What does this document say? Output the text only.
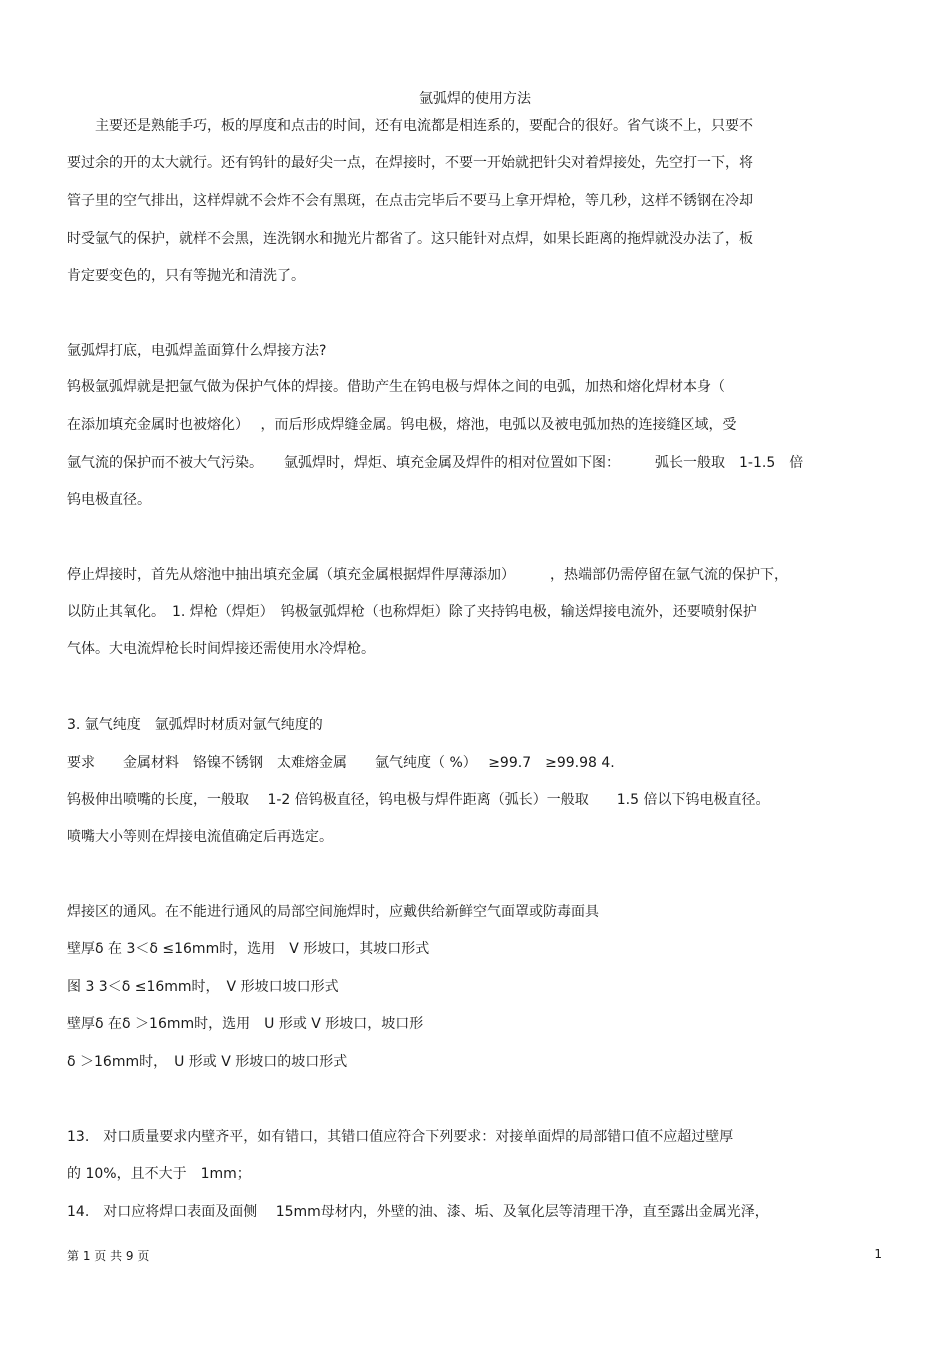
氩弧焊的使用方法
　　主要还是熟能手巧，板的厚度和点击的时间，还有电流都是相连系的，要配合的很好。省气谈不上，只要不
要过余的开的太大就行。还有钨针的最好尖一点，在焊接时，不要一开始就把针尖对着焊接处，先空打一下，将
管子里的空气排出，这样焊就不会炸不会有黑斑，在点击完毕后不要马上拿开焊枪，等几秒，这样不锈钢在冷却
时受氩气的保护，就样不会黑，连洗钢水和抛光片都省了。这只能针对点焊，如果长距离的拖焊就没办法了，板
肯定要变色的，只有等抛光和清洗了。
氩弧焊打底，电弧焊盖面算什么焊接方法?
钨极氩弧焊就是把氩气做为保护气体的焊接。借助产生在钨电极与焊体之间的电弧，加热和熔化焊材本身（
在添加填充金属时也被熔化）　 ，而后形成焊缝金属。钨电极，熔池，电弧以及被电弧加热的连接缝区域，受
氩气流的保护而不被大气污染。　　氩弧焊时，焊炬、填充金属及焊件的相对位置如下图：　　　弧长一般取　1-1.5　倍
钨电极直径。
停止焊接时，首先从熔池中抽出填充金属（填充金属根据焊件厚薄添加）　　　，热端部仍需停留在氩气流的保护下，
以防止其氧化。　1. 焊枪（焊炬）　钨极氩弧焊枪（也称焊炬）除了夹持钨电极，输送焊接电流外，还要喷射保护
气体。大电流焊枪长时间焊接还需使用水冷焊枪。
3. 氩气纯度　氩弧焊时材质对氩气纯度的
要求　　金属材料　铬镍不锈钢　太难熔金属　　氩气纯度（ %）　 ≥99.7　≥99.98 4.
钨极伸出喷嘴的长度，一般取　 1-2 倍钨极直径，钨电极与焊件距离（弧长）一般取　　1.5 倍以下钨电极直径。
喷嘴大小等则在焊接电流值确定后再选定。
焊接区的通风。在不能进行通风的局部空间施焊时，应戴供给新鲜空气面罩或防毒面具
壁厚δ 在 3＜δ ≤16mm时，选用　V 形坡口，其坡口形式
图 3 3＜δ ≤16mm时，　V 形坡口坡口形式
壁厚δ 在δ ＞16mm时，选用　U 形或 V 形坡口，坡口形
δ ＞16mm时，　U 形或 V 形坡口的坡口形式
13.　对口质量要求内壁齐平，如有错口，其错口值应符合下列要求：对接单面焊的局部错口值不应超过壁厚
的 10%，且不大于　1mm；
14.　对口应将焊口表面及面侧　 15mm母材内，外壁的油、漆、垢、及氧化层等清理干净，直至露出金属光泽，
第 1 页 共 9 页	1
